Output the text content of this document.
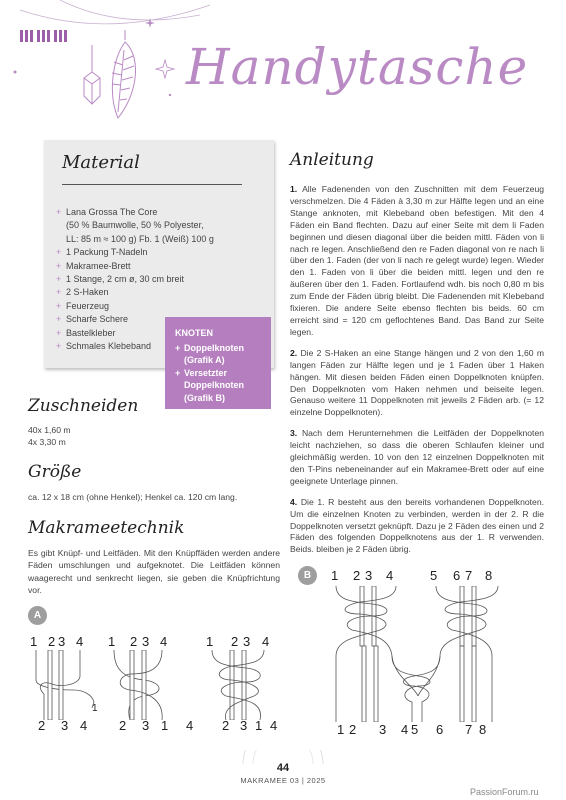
Handytasche
Material
+ Lana Grossa The Core
(50 % Baumwolle, 50 % Polyester,
LL: 85 m ≈ 100 g) Fb. 1 (Weiß) 100 g
+ 1 Packung T-Nadeln
+ Makramee-Brett
+ 1 Stange, 2 cm ø, 30 cm breit
+ 2 S-Haken
+ Feuerzeug
+ Scharfe Schere
+ Bastelkleber
+ Schmales Klebeband
KNOTEN
+ Doppelknoten (Grafik A)
+ Versetzter Doppelknoten (Grafik B)
Zuschneiden
40x 1,60 m
4x 3,30 m
Größe
ca. 12 x 18 cm (ohne Henkel); Henkel ca. 120 cm lang.
Makrameetechnik
Es gibt Knüpf- und Leitfäden. Mit den Knüpffäden werden andere Fäden umschlungen und aufgeknotet. Die Leitfäden können waagerecht und senkrecht liegen, sie geben die Knüpfrichtung vor.
Anleitung

1. Alle Fadenenden von den Zuschnitten mit dem Feuerzeug verschmelzen. Die 4 Fäden à 3,30 m zur Hälfte legen und an eine Stange anknoten, mit Klebeband oben befestigen. Mit den 4 Fäden ein Band flechten. Dazu auf einer Seite mit dem li Faden beginnen und diesen diagonal über die beiden mittl. Fäden von li nach re legen. Anschließend den re Faden diagonal von re nach li über den 1. Faden (der von li nach re gelegt wurde) legen. Wieder den 1. Faden von li über die beiden mittl. legen und den re äußeren über den 1. Faden. Fortlaufend wdh. bis noch 0,80 m bis zum Ende der Fäden übrig bleibt. Die Fadenenden mit Klebeband fixieren. Die andere Seite ebenso flechten bis beids. 60 cm erreicht sind = 120 cm geflochtenes Band. Das Band zur Seite legen.

2. Die 2 S-Haken an eine Stange hängen und 2 von den 1,60 m langen Fäden zur Hälfte legen und je 1 Faden über 1 Haken hängen. Mit diesen beiden Fäden einen Doppelknoten knüpfen. Den Doppelknoten vom Haken nehmen und beiseite legen. Genauso weitere 11 Doppelknoten mit jeweils 2 Fäden arb. (= 12 einzelne Doppelknoten).

3. Nach dem Herunternehmen die Leitfäden der Doppelknoten leicht nachziehen, so dass die oberen Schlaufen kleiner und gleichmäßig werden. 10 von den 12 einzelnen Doppelknoten mit den T-Pins nebeneinander auf ein Makramee-Brett oder auf eine geeignete Unterlage pinnen.

4. Die 1. R besteht aus den bereits vorhandenen Doppelknoten. Um die einzelnen Knoten zu verbinden, werden in der 2. R die Doppelknoten versetzt geknüpft. Dazu je 2 Fäden des einen und 2 Fäden des folgenden Doppelknotens aus der 1. R verwenden. Beids. bleiben je 2 Fäden übrig.

A
1 2 3 4
2 3 4
1
1 2 3 4
2 3 1 4
1 2 3 4
2 3 1 4
B	1 2 3 4	5 6 7 8
1 2 3 4 5 6 7 8
44
MAKRAMEE 03 | 2025
PassionForum.ru
